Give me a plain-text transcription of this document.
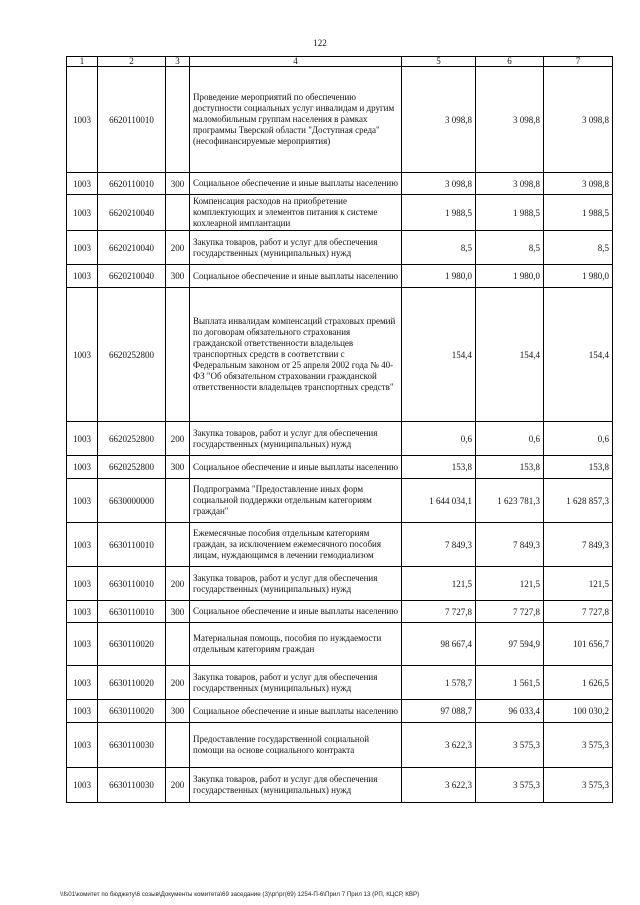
122
1	2	3	4	5	6	7
1003	6620110010		Проведение мероприятий по обеспечению доступности социальных услуг инвалидам и другим маломобильным группам населения в рамках программы Тверской области "Доступная среда" (несофинансируемые мероприятия)	3 098,8	3 098,8	3 098,8
1003	6620110010	300	Социальное обеспечение и иные выплаты населению	3 098,8	3 098,8	3 098,8
1003	6620210040		Компенсация расходов на приобретение комплектующих и элементов питания к системе кохлеарной имплантации	1 988,5	1 988,5	1 988,5
1003	6620210040	200	Закупка товаров, работ и услуг для обеспечения государственных (муниципальных) нужд	8,5	8,5	8,5
1003	6620210040	300	Социальное обеспечение и иные выплаты населению	1 980,0	1 980,0	1 980,0
1003	6620252800		Выплата инвалидам компенсаций страховых премий по договорам обязательного страхования гражданской ответственности владельцев транспортных средств в соответствии с Федеральным законом от 25 апреля 2002 года № 40-ФЗ "Об обязательном страховании гражданской ответственности владельцев транспортных средств"	154,4	154,4	154,4
1003	6620252800	200	Закупка товаров, работ и услуг для обеспечения государственных (муниципальных) нужд	0,6	0,6	0,6
1003	6620252800	300	Социальное обеспечение и иные выплаты населению	153,8	153,8	153,8
1003	6630000000		Подпрограмма "Предоставление иных форм социальной поддержки отдельным категориям граждан"	1 644 034,1	1 623 781,3	1 628 857,3
1003	6630110010		Ежемесячные пособия отдельным категориям граждан, за исключением ежемесячного пособия лицам, нуждающимся в лечении гемодиализом	7 849,3	7 849,3	7 849,3
1003	6630110010	200	Закупка товаров, работ и услуг для обеспечения государственных (муниципальных) нужд	121,5	121,5	121,5
1003	6630110010	300	Социальное обеспечение и иные выплаты населению	7 727,8	7 727,8	7 727,8
1003	6630110020		Материальная помощь, пособия по нуждаемости отдельным категориям граждан	98 667,4	97 594,9	101 656,7
1003	6630110020	200	Закупка товаров, работ и услуг для обеспечения государственных (муниципальных) нужд	1 578,7	1 561,5	1 626,5
1003	6630110020	300	Социальное обеспечение и иные выплаты населению	97 088,7	96 033,4	100 030,2
1003	6630110030		Предоставление государственной социальной помощи на основе социального контракта	3 622,3	3 575,3	3 575,3
1003	6630110030	200	Закупка товаров, работ и услуг для обеспечения государственных (муниципальных) нужд	3 622,3	3 575,3	3 575,3
\\fs01\комитет по бюджету\6 созыв\Документы комитета\69 заседание (3)\рг\рг(69) 1254-П-6\Прил 7 Прил 13 (РП, КЦСР, КВР)
